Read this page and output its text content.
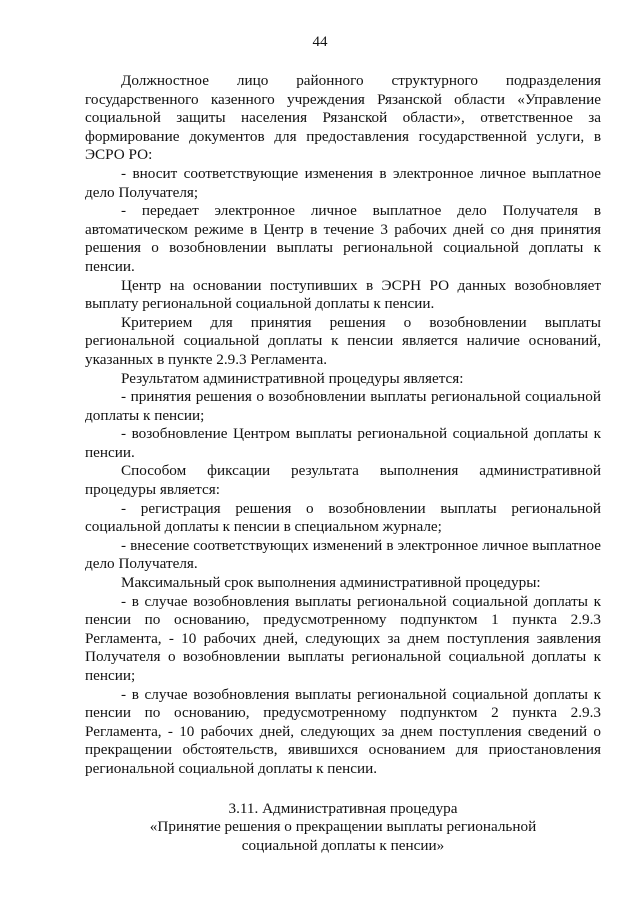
44

Должностное лицо районного структурного подразделения государственного казенного учреждения Рязанской области «Управление социальной защиты населения Рязанской области», ответственное за формирование документов для предоставления государственной услуги, в ЭСРО РО:

- вносит соответствующие изменения в электронное личное выплатное дело Получателя;

- передает электронное личное выплатное дело Получателя в автоматическом режиме в Центр в течение 3 рабочих дней со дня принятия решения о возобновлении выплаты региональной социальной доплаты к пенсии.

Центр на основании поступивших в ЭСРН РО данных возобновляет выплату региональной социальной доплаты к пенсии.

Критерием для принятия решения о возобновлении выплаты региональной социальной доплаты к пенсии является наличие оснований, указанных в пункте 2.9.3 Регламента.

Результатом административной процедуры является:

- принятия решения о возобновлении выплаты региональной социальной доплаты к пенсии;

- возобновление Центром выплаты региональной социальной доплаты к пенсии.

Способом фиксации результата выполнения административной процедуры является:

- регистрация решения о возобновлении выплаты региональной социальной доплаты к пенсии в специальном журнале;

- внесение соответствующих изменений в электронное личное выплатное дело Получателя.

Максимальный срок выполнения административной процедуры:

- в случае возобновления выплаты региональной социальной доплаты к пенсии по основанию, предусмотренному подпунктом 1 пункта 2.9.3 Регламента, - 10 рабочих дней, следующих за днем поступления заявления Получателя о возобновлении выплаты региональной социальной доплаты к пенсии;

- в случае возобновления выплаты региональной социальной доплаты к пенсии по основанию, предусмотренному подпунктом 2 пункта 2.9.3 Регламента, - 10 рабочих дней, следующих за днем поступления сведений о прекращении обстоятельств, явившихся основанием для приостановления региональной социальной доплаты к пенсии.

3.11. Административная процедура
«Принятие решения о прекращении выплаты региональной
социальной доплаты к пенсии»
